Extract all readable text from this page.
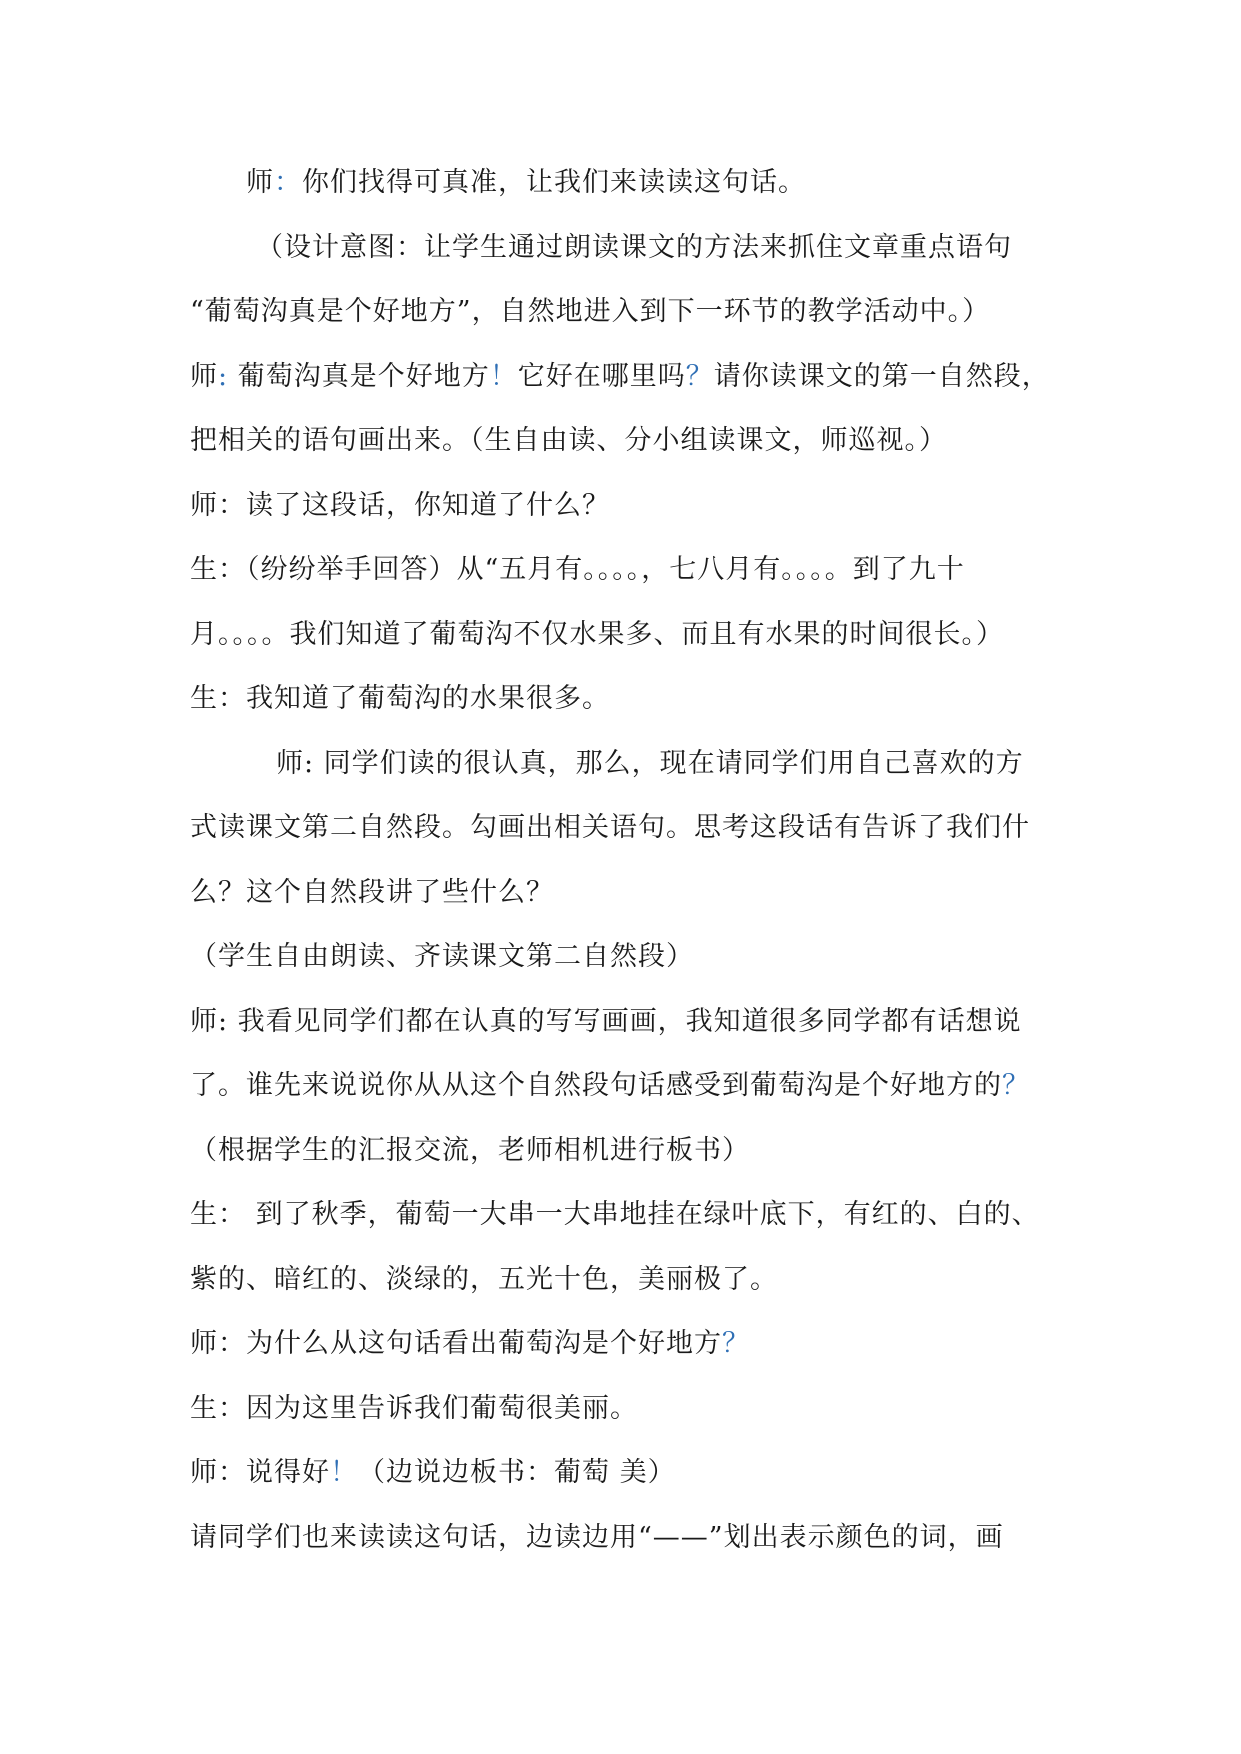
师：你们找得可真准，让我们来读读这句话。
（设计意图：让学生通过朗读课文的方法来抓住文章重点语句
“葡萄沟真是个好地方”，自然地进入到下一环节的教学活动中。）
师: 葡萄沟真是个好地方！它好在哪里吗？请你读课文的第一自然段，
把相关的语句画出来。（生自由读、分小组读课文，师巡视。）
师：读了这段话，你知道了什么？
生：（纷纷举手回答）从“五月有。。。。，七八月有。。。。到了九十
月。。。。我们知道了葡萄沟不仅水果多、而且有水果的时间很长。）
生：我知道了葡萄沟的水果很多。
师: 同学们读的很认真，那么，现在请同学们用自己喜欢的方
式读课文第二自然段。勾画出相关语句。思考这段话有告诉了我们什
么？这个自然段讲了些什么？
（学生自由朗读、齐读课文第二自然段）
师: 我看见同学们都在认真的写写画画，我知道很多同学都有话想说
了。谁先来说说你从从这个自然段句话感受到葡萄沟是个好地方的？
（根据学生的汇报交流，老师相机进行板书）
生： 到了秋季，葡萄一大串一大串地挂在绿叶底下，有红的、白的、
紫的、暗红的、淡绿的，五光十色，美丽极了。
师：为什么从这句话看出葡萄沟是个好地方？
生：因为这里告诉我们葡萄很美丽。
师：说得好！（边说边板书：葡萄 美）
请同学们也来读读这句话，边读边用“——”划出表示颜色的词，画
